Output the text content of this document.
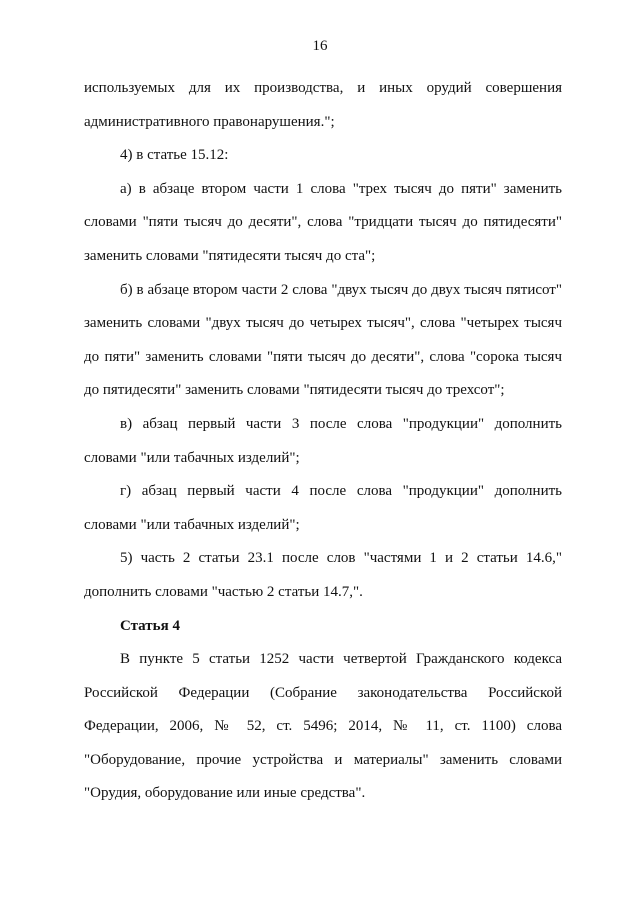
16

используемых для их производства, и иных орудий совершения административного правонарушения.";

4) в статье 15.12:

а) в абзаце втором части 1 слова "трех тысяч до пяти" заменить словами "пяти тысяч до десяти", слова "тридцати тысяч до пятидесяти" заменить словами "пятидесяти тысяч до ста";

б) в абзаце втором части 2 слова "двух тысяч до двух тысяч пятисот" заменить словами "двух тысяч до четырех тысяч", слова "четырех тысяч до пяти" заменить словами "пяти тысяч до десяти", слова "сорока тысяч до пятидесяти" заменить словами "пятидесяти тысяч до трехсот";

в) абзац первый части 3 после слова "продукции" дополнить словами "или табачных изделий";

г) абзац первый части 4 после слова "продукции" дополнить словами "или табачных изделий";

5) часть 2 статьи 23.1 после слов "частями 1 и 2 статьи 14.6," дополнить словами "частью 2 статьи 14.7,".

Статья 4

В пункте 5 статьи 1252 части четвертой Гражданского кодекса Российской Федерации (Собрание законодательства Российской Федерации, 2006, № 52, ст. 5496; 2014, № 11, ст. 1100) слова "Оборудование, прочие устройства и материалы" заменить словами "Орудия, оборудование или иные средства".
